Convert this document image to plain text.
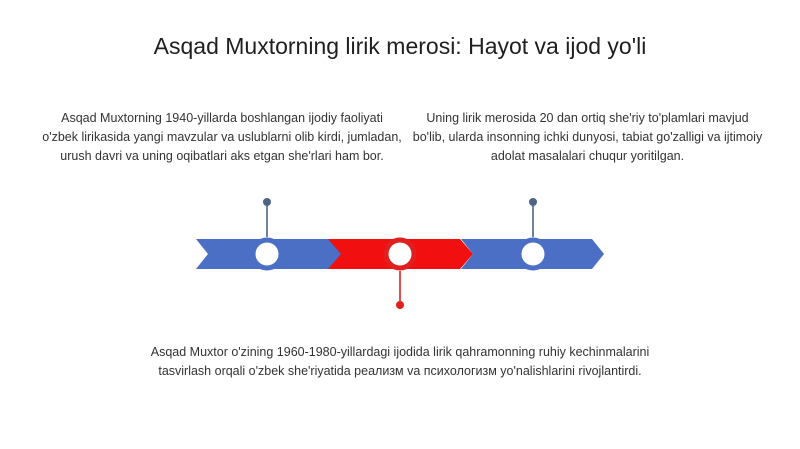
Asqad Muxtorning lirik merosi: Hayot va ijod yo'li
Asqad Muxtorning 1940-yillarda boshlangan ijodiy faoliyati o'zbek lirikasida yangi mavzular va uslublarni olib kirdi, jumladan, urush davri va uning oqibatlari aks etgan she'rlari ham bor.
Uning lirik merosida 20 dan ortiq she'riy to'plamlari mavjud bo'lib, ularda insonning ichki dunyosi, tabiat go'zalligi va ijtimoiy adolat masalalari chuqur yoritilgan.
Asqad Muxtor o'zining 1960-1980-yillardagi ijodida lirik qahramonning ruhiy kechinmalarini tasvirlash orqali o'zbek she'riyatida реализм va психологизм yo'nalishlarini rivojlantirdi.
